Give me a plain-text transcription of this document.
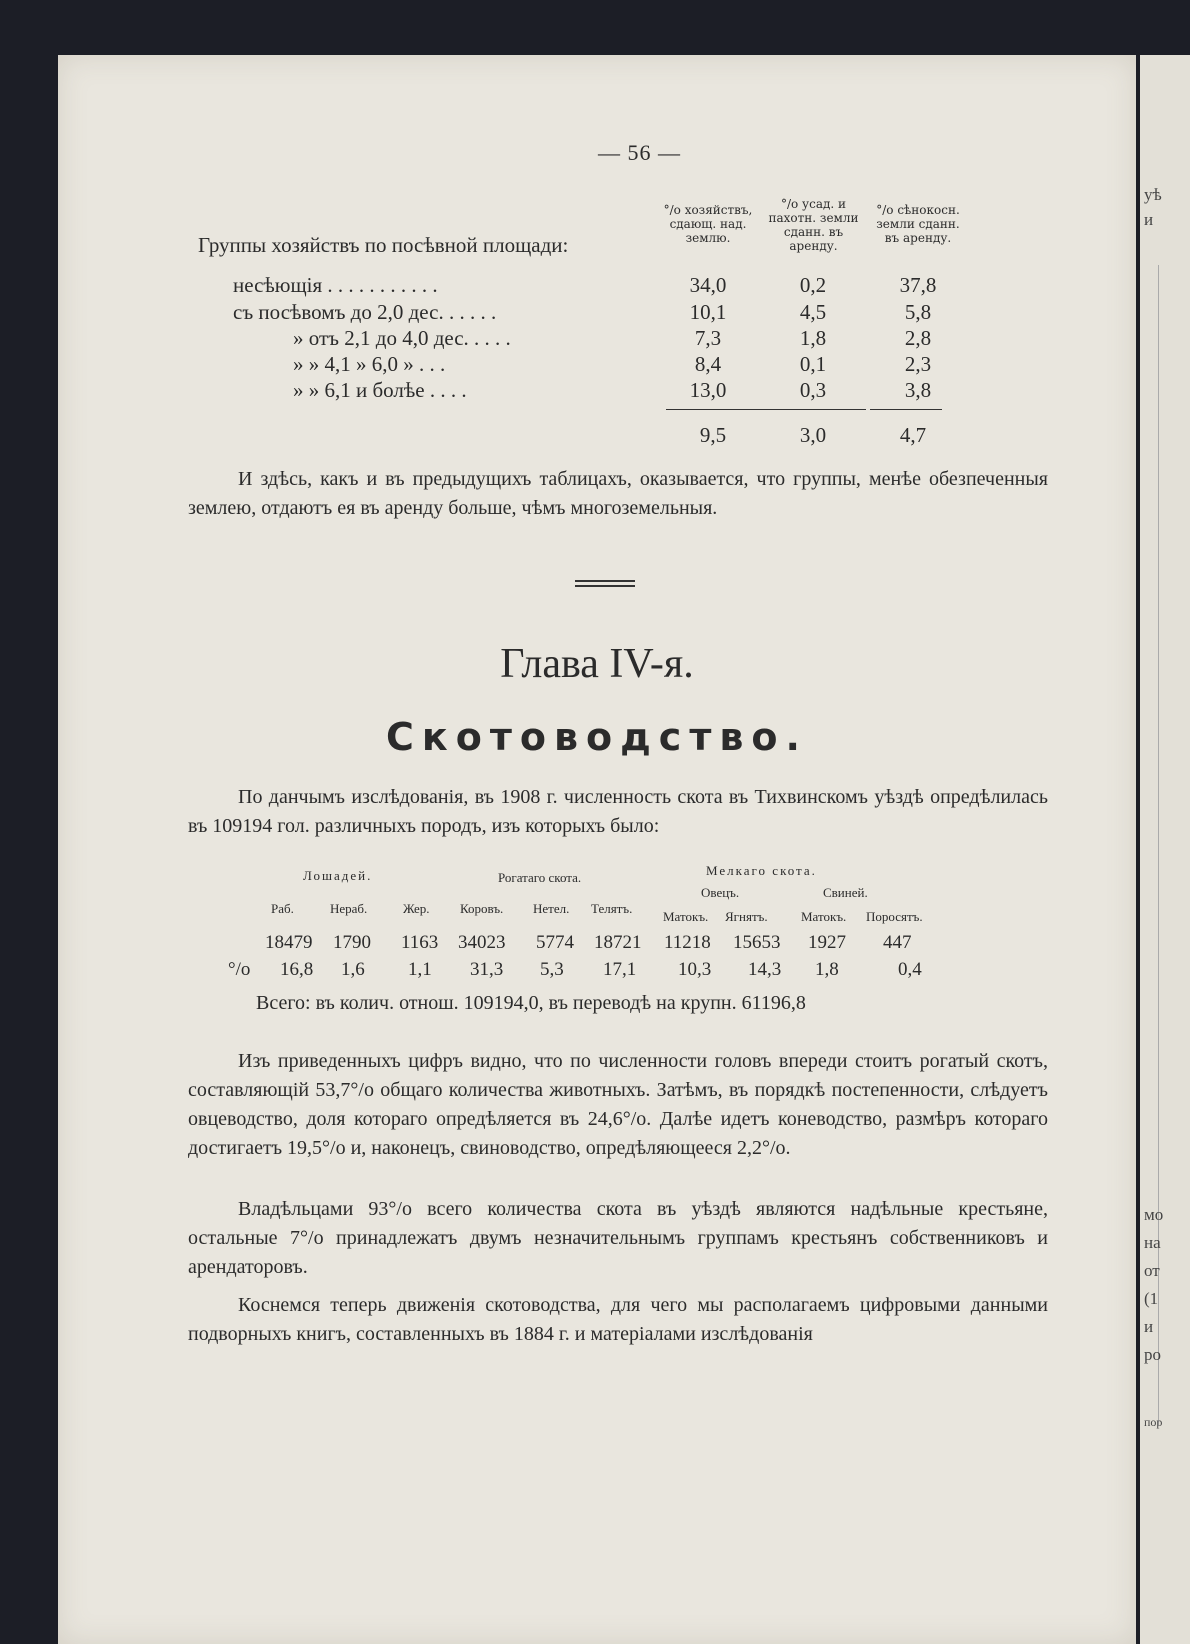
— 56 —
Группы хозяйствъ по посѣвной площади:
°/о хозяйствъ, сдающ. над. землю.
°/о усад. и пахотн. земли сданн. въ аренду.
°/о сѣнокосн. земли сданн. въ аренду.
несѣющія . . . . . . . . . . .	34,0	0,2	37,8
съ посѣвомъ до 2,0 дес. . . . . .	10,1	4,5	5,8
» отъ 2,1 до 4,0 дес. . . . .	7,3	1,8	2,8
» » 4,1 » 6,0 » . . .	8,4	0,1	2,3
» » 6,1 и болѣе . . . .	13,0	0,3	3,8
9,5	3,0	4,7

И здѣсь, какъ и въ предыдущихъ таблицахъ, оказывается, что группы, менѣе обезпеченныя землею, отдаютъ ея въ аренду больше, чѣмъ многоземельныя.

Глава IV-я.
Скотоводство.

По данчымъ изслѣдованія, въ 1908 г. численность скота въ Тихвинскомъ уѣздѣ опредѣлилась въ 109194 гол. различныхъ породъ, изъ которыхъ было:

Лошадей.	Рогатаго скота.	Мелкаго скота.
Овецъ.	Свиней.
Раб.	Нераб.	Жер. Коровъ. Нетел. Телятъ.
Матокъ. Ягнятъ.	Матокъ. Поросятъ.
18479 1790 1163 34023 5774 18721 11218 15653 1927 447
°/о 16,8 1,6 1,1 31,3 5,3 17,1 10,3 14,3 1,8	0,4
Всего: въ колич. отнош. 109194,0, въ переводѣ на крупн. 61196,8

Изъ приведенныхъ цифръ видно, что по численности головъ впереди стоитъ рогатый скотъ, составляющій 53,7°/о общаго количества животныхъ. Затѣмъ, въ порядкѣ постепенности, слѣдуетъ овцеводство, доля котораго опредѣляется въ 24,6°/о. Далѣе идетъ коневодство, размѣръ котораго достигаетъ 19,5°/о и, наконецъ, свиноводство, опредѣляющееся 2,2°/о.

Владѣльцами 93°/о всего количества скота въ уѣздѣ являются надѣльные крестьяне, остальные 7°/о принадлежатъ двумъ незначительнымъ группамъ крестьянъ собственниковъ и арендаторовъ.

Коснемся теперь движенія скотоводства, для чего мы располагаемъ цифровыми данными подворныхъ книгъ, составленныхъ въ 1884 г. и матеріалами изслѣдованія

уѣ
и
мо
на
от
(1
и
ро
пор
